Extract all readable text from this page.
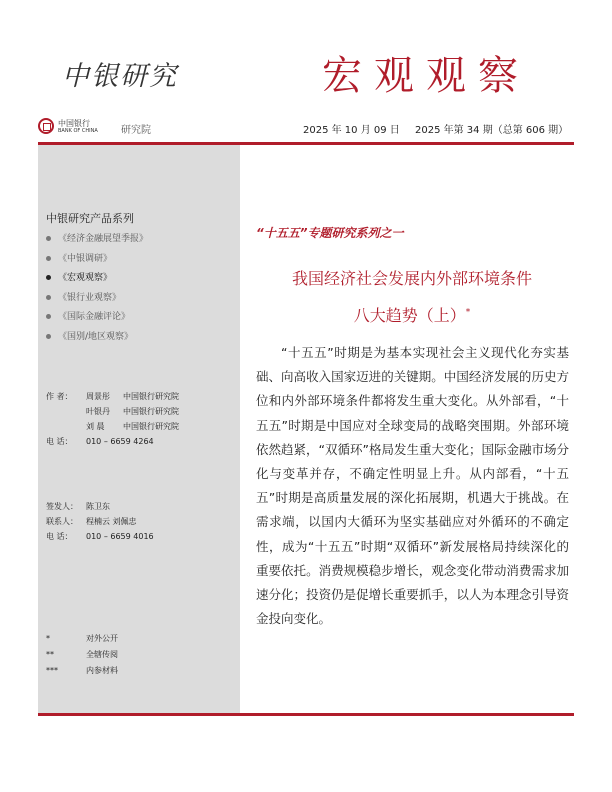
中银研究	宏观观察
中国银行
BANK OF CHINA 研究院	2025 年 10 月 09 日 2025 年第 34 期（总第 606 期）
中银研究产品系列
《经济金融展望季报》
《中银调研》
《宏观观察》
《银行业观察》
《国际金融评论》
《国别/地区观察》
作 者： 周景彤 中国银行研究院
叶银丹 中国银行研究院
刘 晨 中国银行研究院
电 话： 010 – 6659 4264
签发人： 陈卫东
联系人： 程楠云 刘佩忠
电 话： 010 – 6659 4016
*	对外公开
**	全辖传阅
***	内参材料
“十五五”专题研究系列之一
我国经济社会发展内外部环境条件
八大趋势（上）*

“十五五”时期是为基本实现社会主义现代化夯实基础、向高收入国家迈进的关键期。中国经济发展的历史方位和内外部环境条件都将发生重大变化。从外部看，“十五五”时期是中国应对全球变局的战略突围期。外部环境依然趋紧，“双循环”格局发生重大变化；国际金融市场分化与变革并存，不确定性明显上升。从内部看，“十五五”时期是高质量发展的深化拓展期，机遇大于挑战。在需求端，以国内大循环为坚实基础应对外循环的不确定性，成为“十五五”时期“双循环”新发展格局持续深化的重要依托。消费规模稳步增长，观念变化带动消费需求加速分化；投资仍是促增长重要抓手，以人为本理念引导资金投向变化。
